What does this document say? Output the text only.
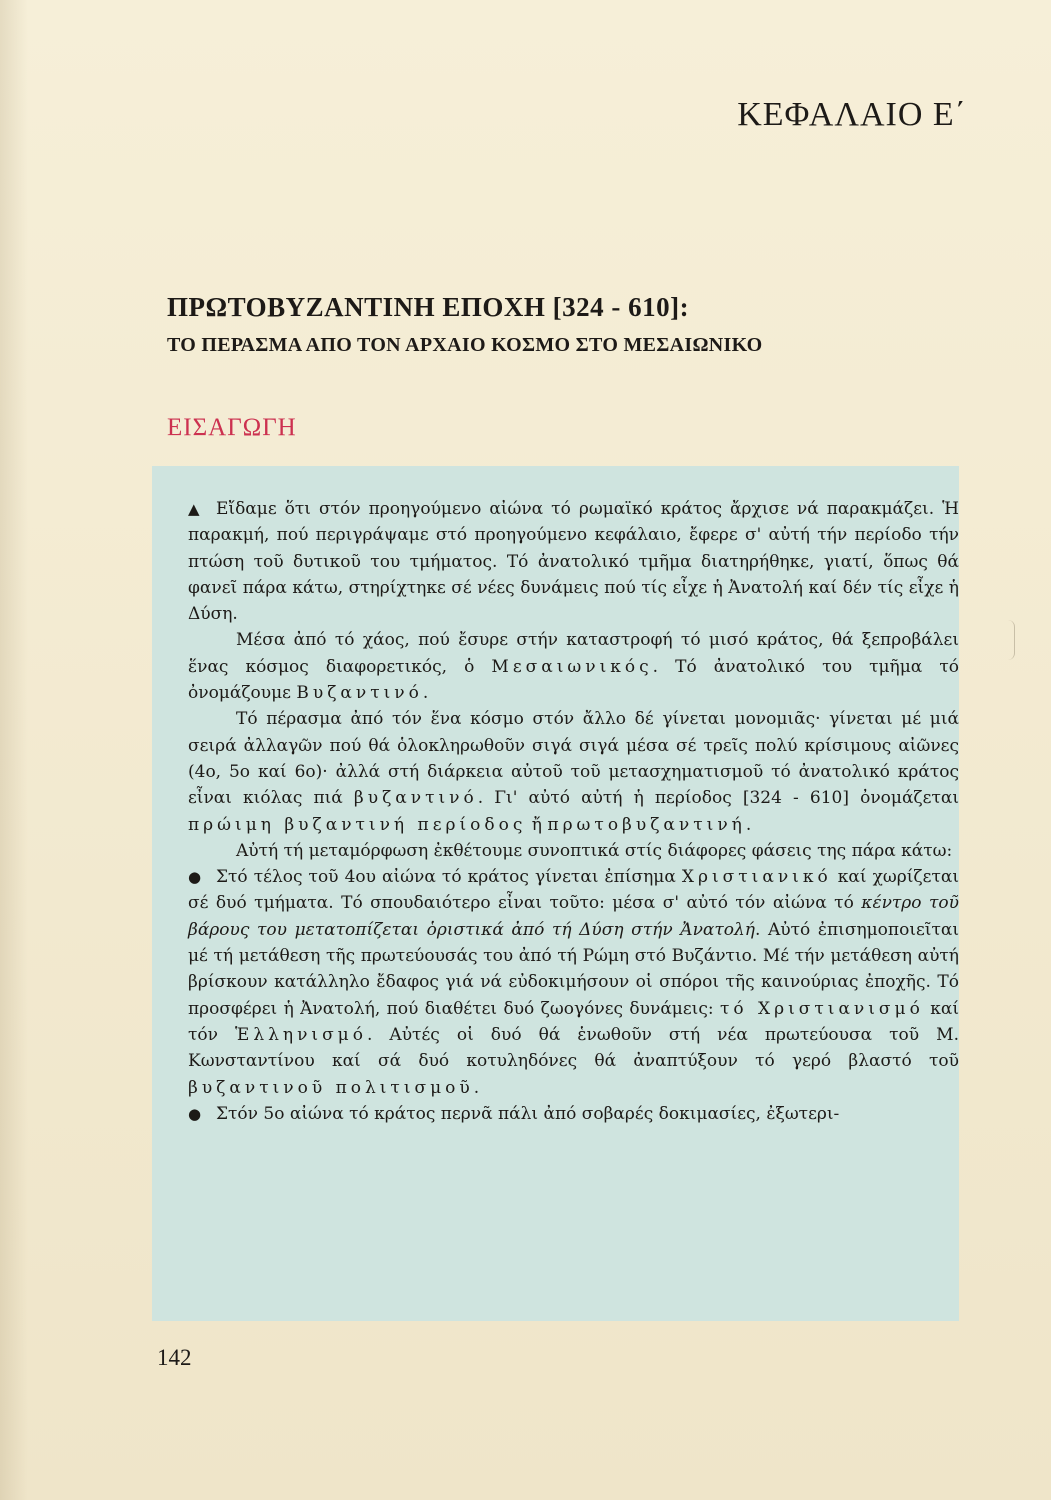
ΚΕΦΑΛΑΙΟ Ε΄
ΠΡΩΤΟΒΥΖΑΝΤΙΝΗ ΕΠΟΧΗ [324 - 610]:
ΤΟ ΠΕΡΑΣΜΑ ΑΠΟ ΤΟΝ ΑΡΧΑΙΟ ΚΟΣΜΟ ΣΤΟ ΜΕΣΑΙΩΝΙΚΟ
ΕΙΣΑΓΩΓΗ

▲ Εἴδαμε ὅτι στόν προηγούμενο αἰώνα τό ρωμαϊκό κράτος ἄρχισε νά παρακμάζει. Ἡ παρακμή, πού περιγράψαμε στό προηγούμενο κεφάλαιο, ἔφερε σ' αὐτή τήν περίοδο τήν πτώση τοῦ δυτικοῦ του τμήματος. Τό ἀνατολικό τμῆμα διατηρήθηκε, γιατί, ὅπως θά φανεῖ πάρα κάτω, στηρίχτηκε σέ νέες δυνάμεις πού τίς εἶχε ἡ Ἀνατολή καί δέν τίς εἶχε ἡ Δύση.

Μέσα ἀπό τό χάος, πού ἔσυρε στήν καταστροφή τό μισό κράτος, θά ξεπροβάλει ἕνας κόσμος διαφορετικός, ὁ Μεσαιωνικός. Τό ἀνατολικό του τμῆμα τό ὀνομάζουμε Βυζαντινό.

Τό πέρασμα ἀπό τόν ἕνα κόσμο στόν ἄλλο δέ γίνεται μονομιᾶς· γίνεται μέ μιά σειρά ἀλλαγῶν πού θά ὁλοκληρωθοῦν σιγά σιγά μέσα σέ τρεῖς πολύ κρίσιμους αἰῶνες (4ο, 5ο καί 6ο)· ἀλλά στή διάρκεια αὐτοῦ τοῦ μετασχηματισμοῦ τό ἀνατολικό κράτος εἶναι κιόλας πιά βυζαντινό. Γι' αὐτό αὐτή ἡ περίοδος [324 - 610] ὀνομάζεται πρώιμη βυζαντινή περίοδος ἤ πρωτοβυζαντινή.

Αὐτή τή μεταμόρφωση ἐκθέτουμε συνοπτικά στίς διάφορες φάσεις της πάρα κάτω:

● Στό τέλος τοῦ 4ου αἰώνα τό κράτος γίνεται ἐπίσημα Χριστιανικό καί χωρίζεται σέ δυό τμήματα. Τό σπουδαιότερο εἶναι τοῦτο: μέσα σ' αὐτό τόν αἰώνα τό κέντρο τοῦ βάρους του μετατοπίζεται ὁριστικά ἀπό τή Δύση στήν Ἀνατολή. Αὐτό ἐπισημοποιεῖται μέ τή μετάθεση τῆς πρωτεύουσάς του ἀπό τή Ρώμη στό Βυζάντιο. Μέ τήν μετάθεση αὐτή βρίσκουν κατάλληλο ἔδαφος γιά νά εὐδοκιμήσουν οἱ σπόροι τῆς καινούριας ἐποχῆς. Τό προσφέρει ἡ Ἀνατολή, πού διαθέτει δυό ζωογόνες δυνάμεις: τό Χριστιανισμό καί τόν Ἑλληνισμό. Αὐτές οἱ δυό θά ἑνωθοῦν στή νέα πρωτεύουσα τοῦ Μ. Κωνσταντίνου καί σά δυό κοτυληδόνες θά ἀναπτύξουν τό γερό βλαστό τοῦ βυζαντινοῦ πολιτισμοῦ.

● Στόν 5ο αἰώνα τό κράτος περνᾶ πάλι ἀπό σοβαρές δοκιμασίες, ἐξωτερι-

142
